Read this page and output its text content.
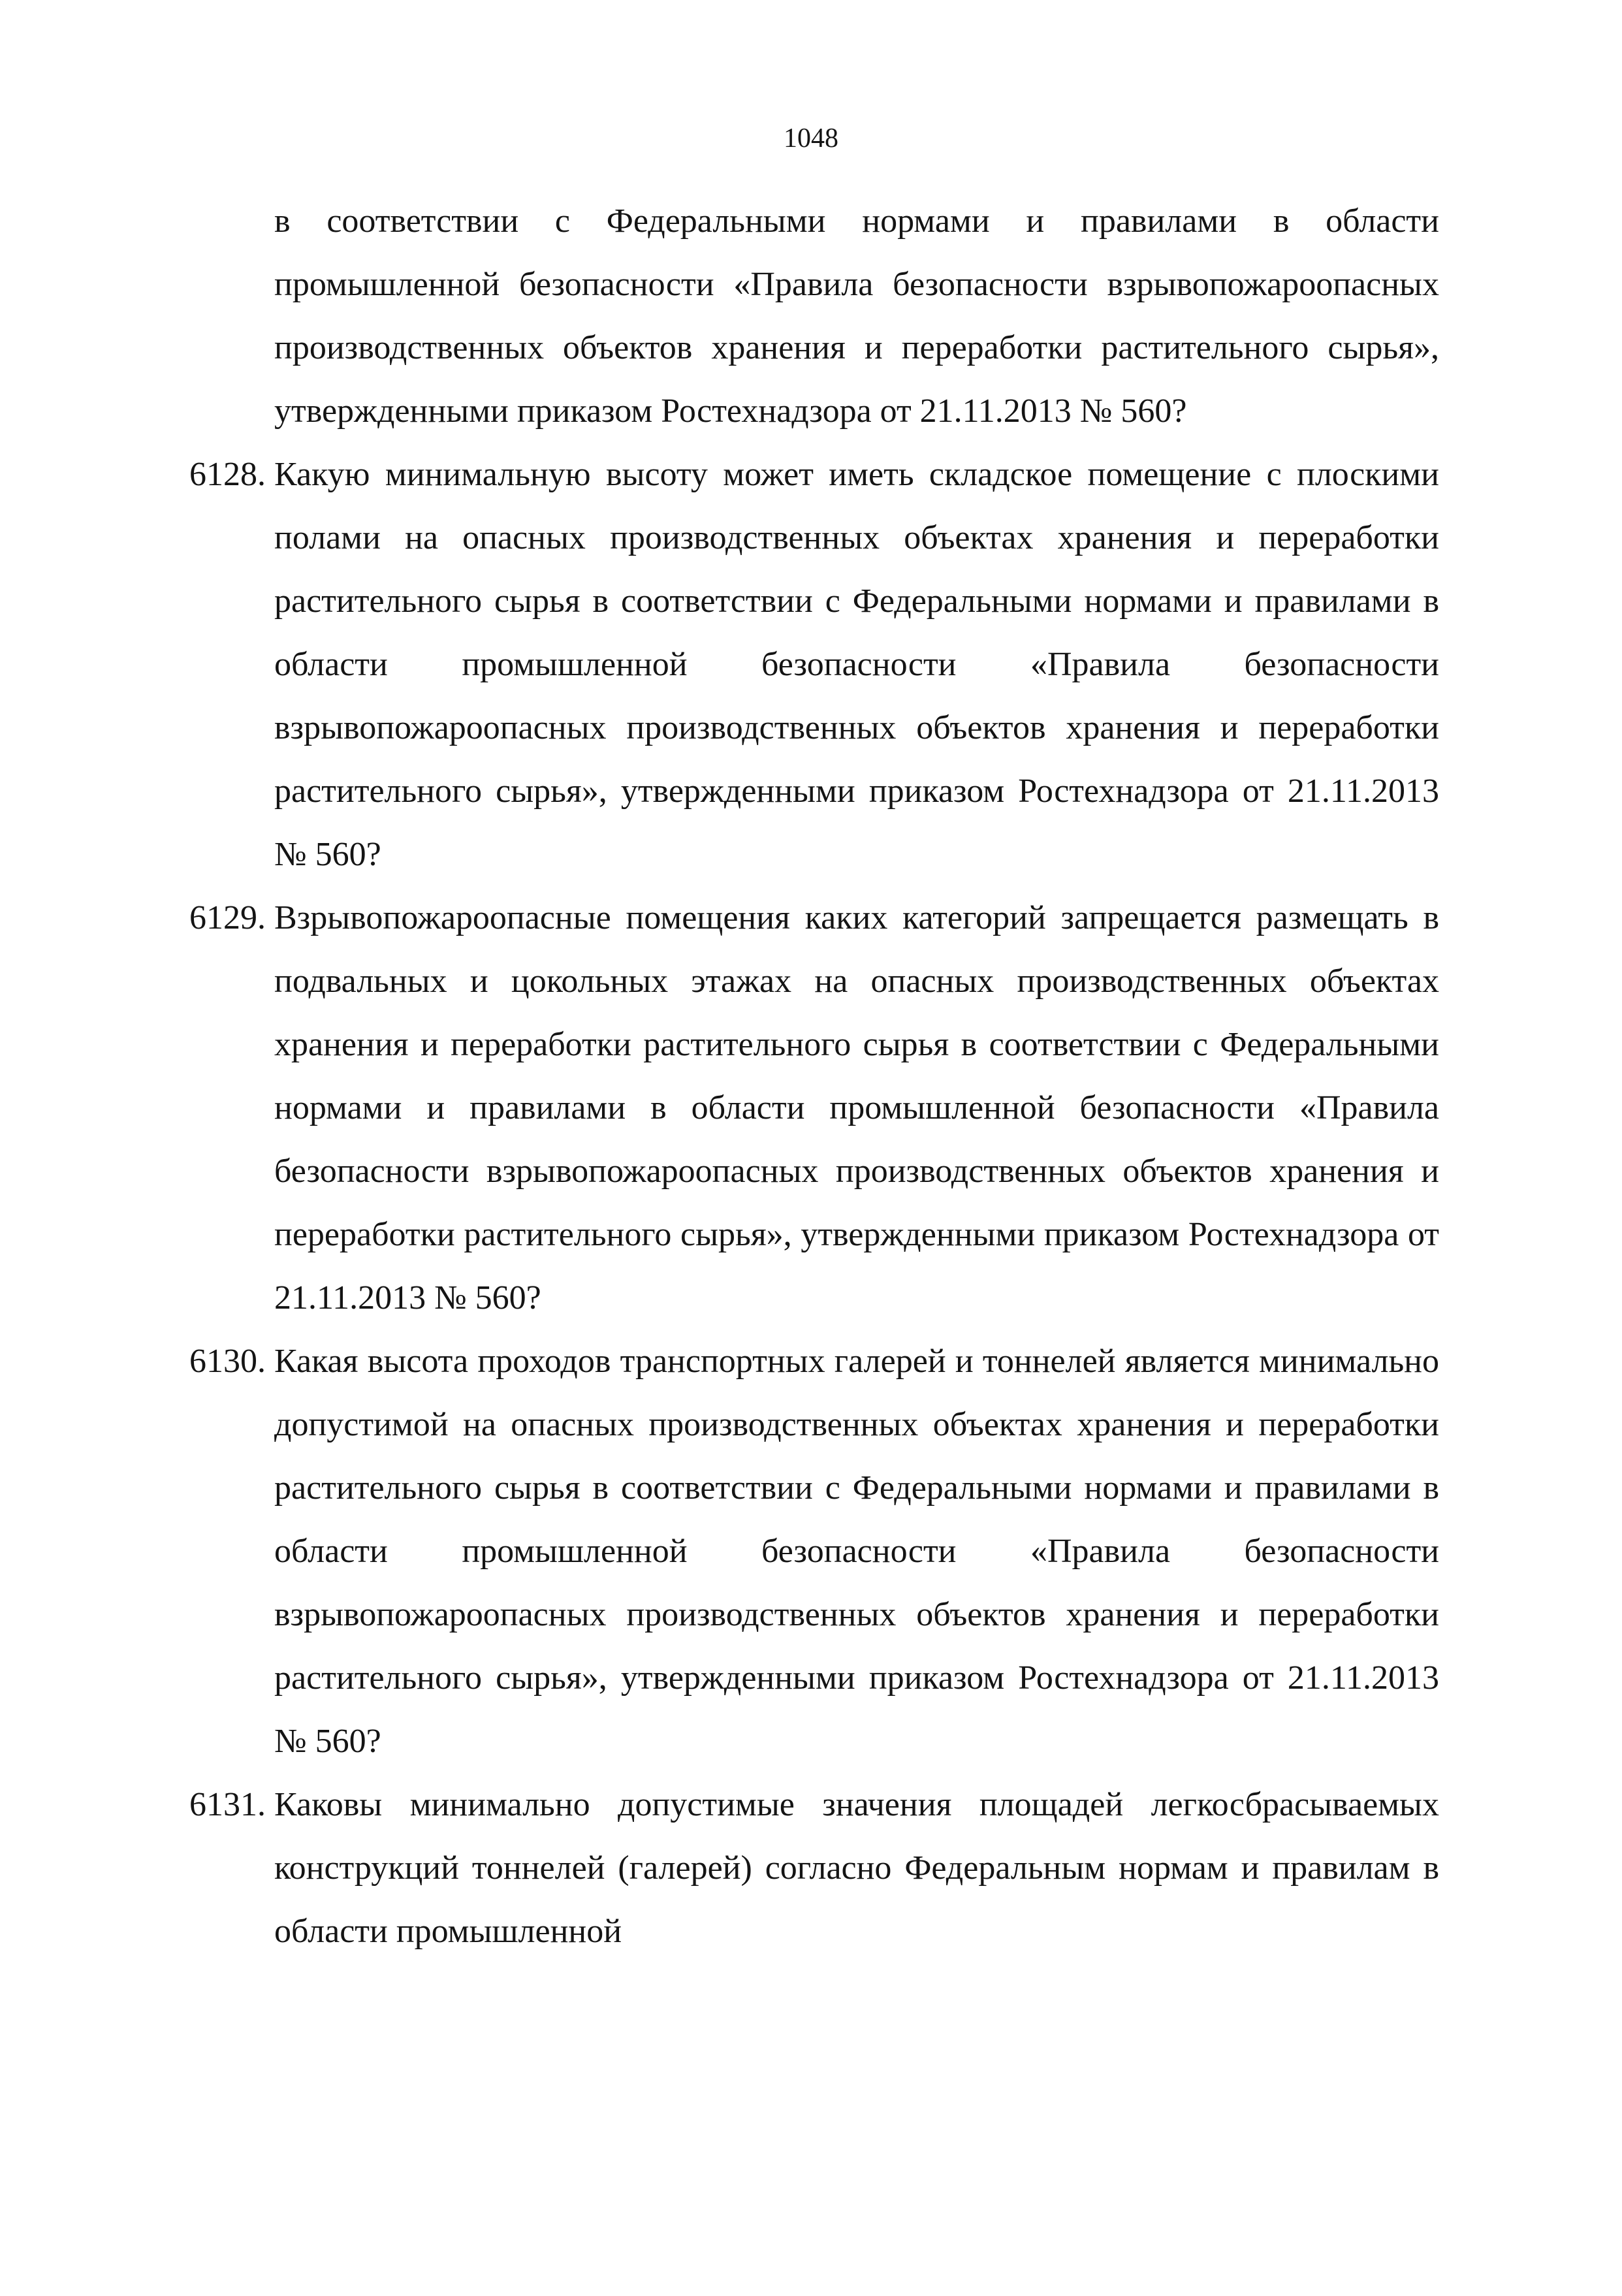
1048

в соответствии с Федеральными нормами и правилами в области промышленной безопасности «Правила безопасности взрывопожароопасных производственных объектов хранения и переработки растительного сырья», утвержденными приказом Ростехнадзора от 21.11.2013 № 560?

6128. Какую минимальную высоту может иметь складское помещение с плоскими полами на опасных производственных объектах хранения и переработки растительного сырья в соответствии с Федеральными нормами и правилами в области промышленной безопасности «Правила безопасности взрывопожароопасных производственных объектов хранения и переработки растительного сырья», утвержденными приказом Ростехнадзора от 21.11.2013 № 560?

6129. Взрывопожароопасные помещения каких категорий запрещается размещать в подвальных и цокольных этажах на опасных производственных объектах хранения и переработки растительного сырья в соответствии с Федеральными нормами и правилами в области промышленной безопасности «Правила безопасности взрывопожароопасных производственных объектов хранения и переработки растительного сырья», утвержденными приказом Ростехнадзора от 21.11.2013 № 560?

6130. Какая высота проходов транспортных галерей и тоннелей является минимально допустимой на опасных производственных объектах хранения и переработки растительного сырья в соответствии с Федеральными нормами и правилами в области промышленной безопасности «Правила безопасности взрывопожароопасных производственных объектов хранения и переработки растительного сырья», утвержденными приказом Ростехнадзора от 21.11.2013 № 560?

6131. Каковы минимально допустимые значения площадей легкосбрасываемых конструкций тоннелей (галерей) согласно Федеральным нормам и правилам в области промышленной
